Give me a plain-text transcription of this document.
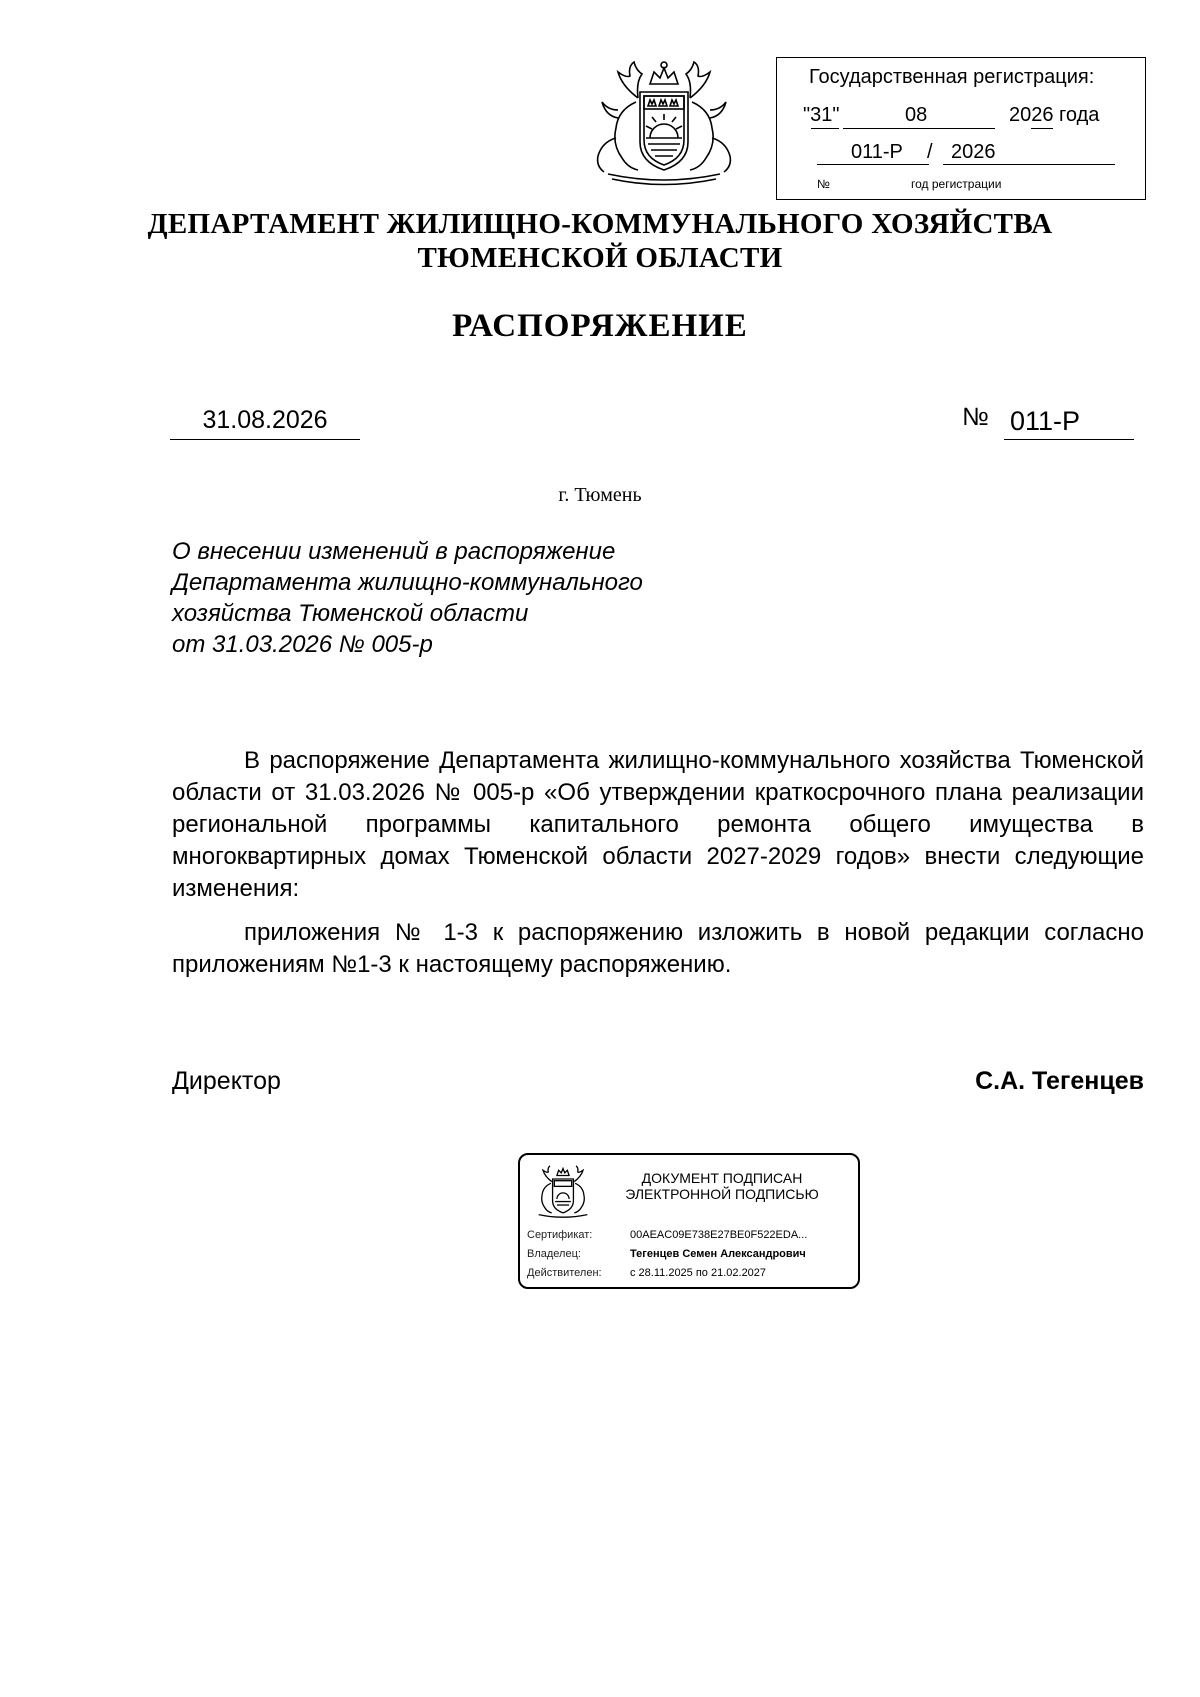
Государственная регистрация:
"31"	08	2026 года
011-Р / 2026
№	год регистрации
ДЕПАРТАМЕНТ ЖИЛИЩНО-КОММУНАЛЬНОГО ХОЗЯЙСТВА
ТЮМЕНСКОЙ ОБЛАСТИ
РАСПОРЯЖЕНИЕ
31.08.2026	№ 011-Р
г. Тюмень
О внесении изменений в распоряжение
Департамента жилищно-коммунального
хозяйства Тюменской области
от 31.03.2026 № 005-р

В распоряжение Департамента жилищно-коммунального хозяйства Тюменской области от 31.03.2026 № 005-р «Об утверждении краткосрочного плана реализации региональной программы капитального ремонта общего имущества в многоквартирных домах Тюменской области 2027-2029 годов» внести следующие изменения:

приложения № 1-3 к распоряжению изложить в новой редакции согласно приложениям №1-3 к настоящему распоряжению.

Директор	С.А. Тегенцев
ДОКУМЕНТ ПОДПИСАН
ЭЛЕКТРОННОЙ ПОДПИСЬЮ
Сертификат:	00AEAC09E738E27BE0F522EDA...
Владелец:	Тегенцев Семен Александрович
Действителен:	с 28.11.2025 по 21.02.2027
